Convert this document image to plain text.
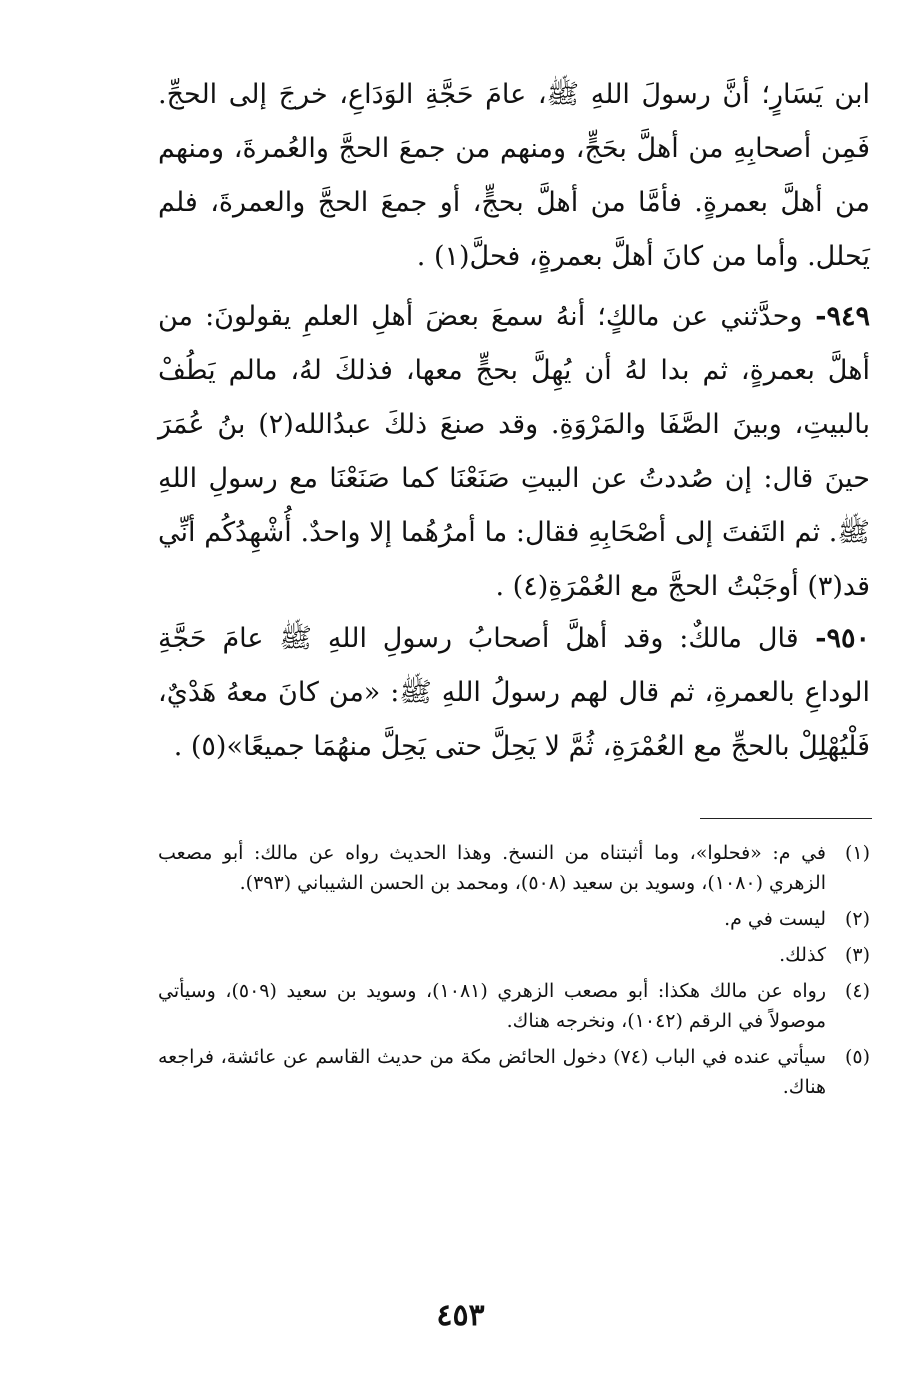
ابن يَسَارٍ؛ أنَّ رسولَ اللهِ ﷺ، عامَ حَجَّةِ الوَدَاعِ، خرجَ إلى الحجِّ. فَمِن أصحابِهِ من أهلَّ بحَجٍّ، ومنهم من جمعَ الحجَّ والعُمرةَ، ومنهم من أهلَّ بعمرةٍ. فأمَّا من أهلَّ بحجٍّ، أو جمعَ الحجَّ والعمرةَ، فلم يَحلل. وأما من كانَ أهلَّ بعمرةٍ، فحلَّ(١) .
٩٤٩- وحدَّثني عن مالكٍ؛ أنهُ سمعَ بعضَ أهلِ العلمِ يقولونَ: من أهلَّ بعمرةٍ، ثم بدا لهُ أن يُهِلَّ بحجٍّ معها، فذلكَ لهُ، مالم يَطُفْ بالبيتِ، وبينَ الصَّفَا والمَرْوَةِ. وقد صنعَ ذلكَ عبدُالله(٢) بنُ عُمَرَ حينَ قال: إن صُددتُ عن البيتِ صَنَعْنَا كما صَنَعْنَا مع رسولِ اللهِ ﷺ. ثم التَفتَ إلى أصْحَابِهِ فقال: ما أمرُهُما إلا واحدٌ. أُشْهِدُكُم أنِّي قد(٣) أوجَبْتُ الحجَّ مع العُمْرَةِ(٤) .
٩٥٠- قال مالكٌ: وقد أهلَّ أصحابُ رسولِ اللهِ ﷺ عامَ حَجَّةِ الوداعِ بالعمرةِ، ثم قال لهم رسولُ اللهِ ﷺ: «من كانَ معهُ هَدْيٌ، فَلْيُهْلِلْ بالحجِّ مع العُمْرَةِ، ثُمَّ لا يَحِلَّ حتى يَحِلَّ منهُمَا جميعًا»(٥) .
(١)
في م: «فحلوا»، وما أثبتناه من النسخ. وهذا الحديث رواه عن مالك: أبو مصعب الزهري (١٠٨٠)، وسويد بن سعيد (٥٠٨)، ومحمد بن الحسن الشيباني (٣٩٣).
(٢)
ليست في م.
(٣)
كذلك.
(٤)
رواه عن مالك هكذا: أبو مصعب الزهري (١٠٨١)، وسويد بن سعيد (٥٠٩)، وسيأتي موصولاً في الرقم (١٠٤٢)، ونخرجه هناك.
(٥)
سيأتي عنده في الباب (٧٤) دخول الحائض مكة من حديث القاسم عن عائشة، فراجعه هناك.
٤٥٣
